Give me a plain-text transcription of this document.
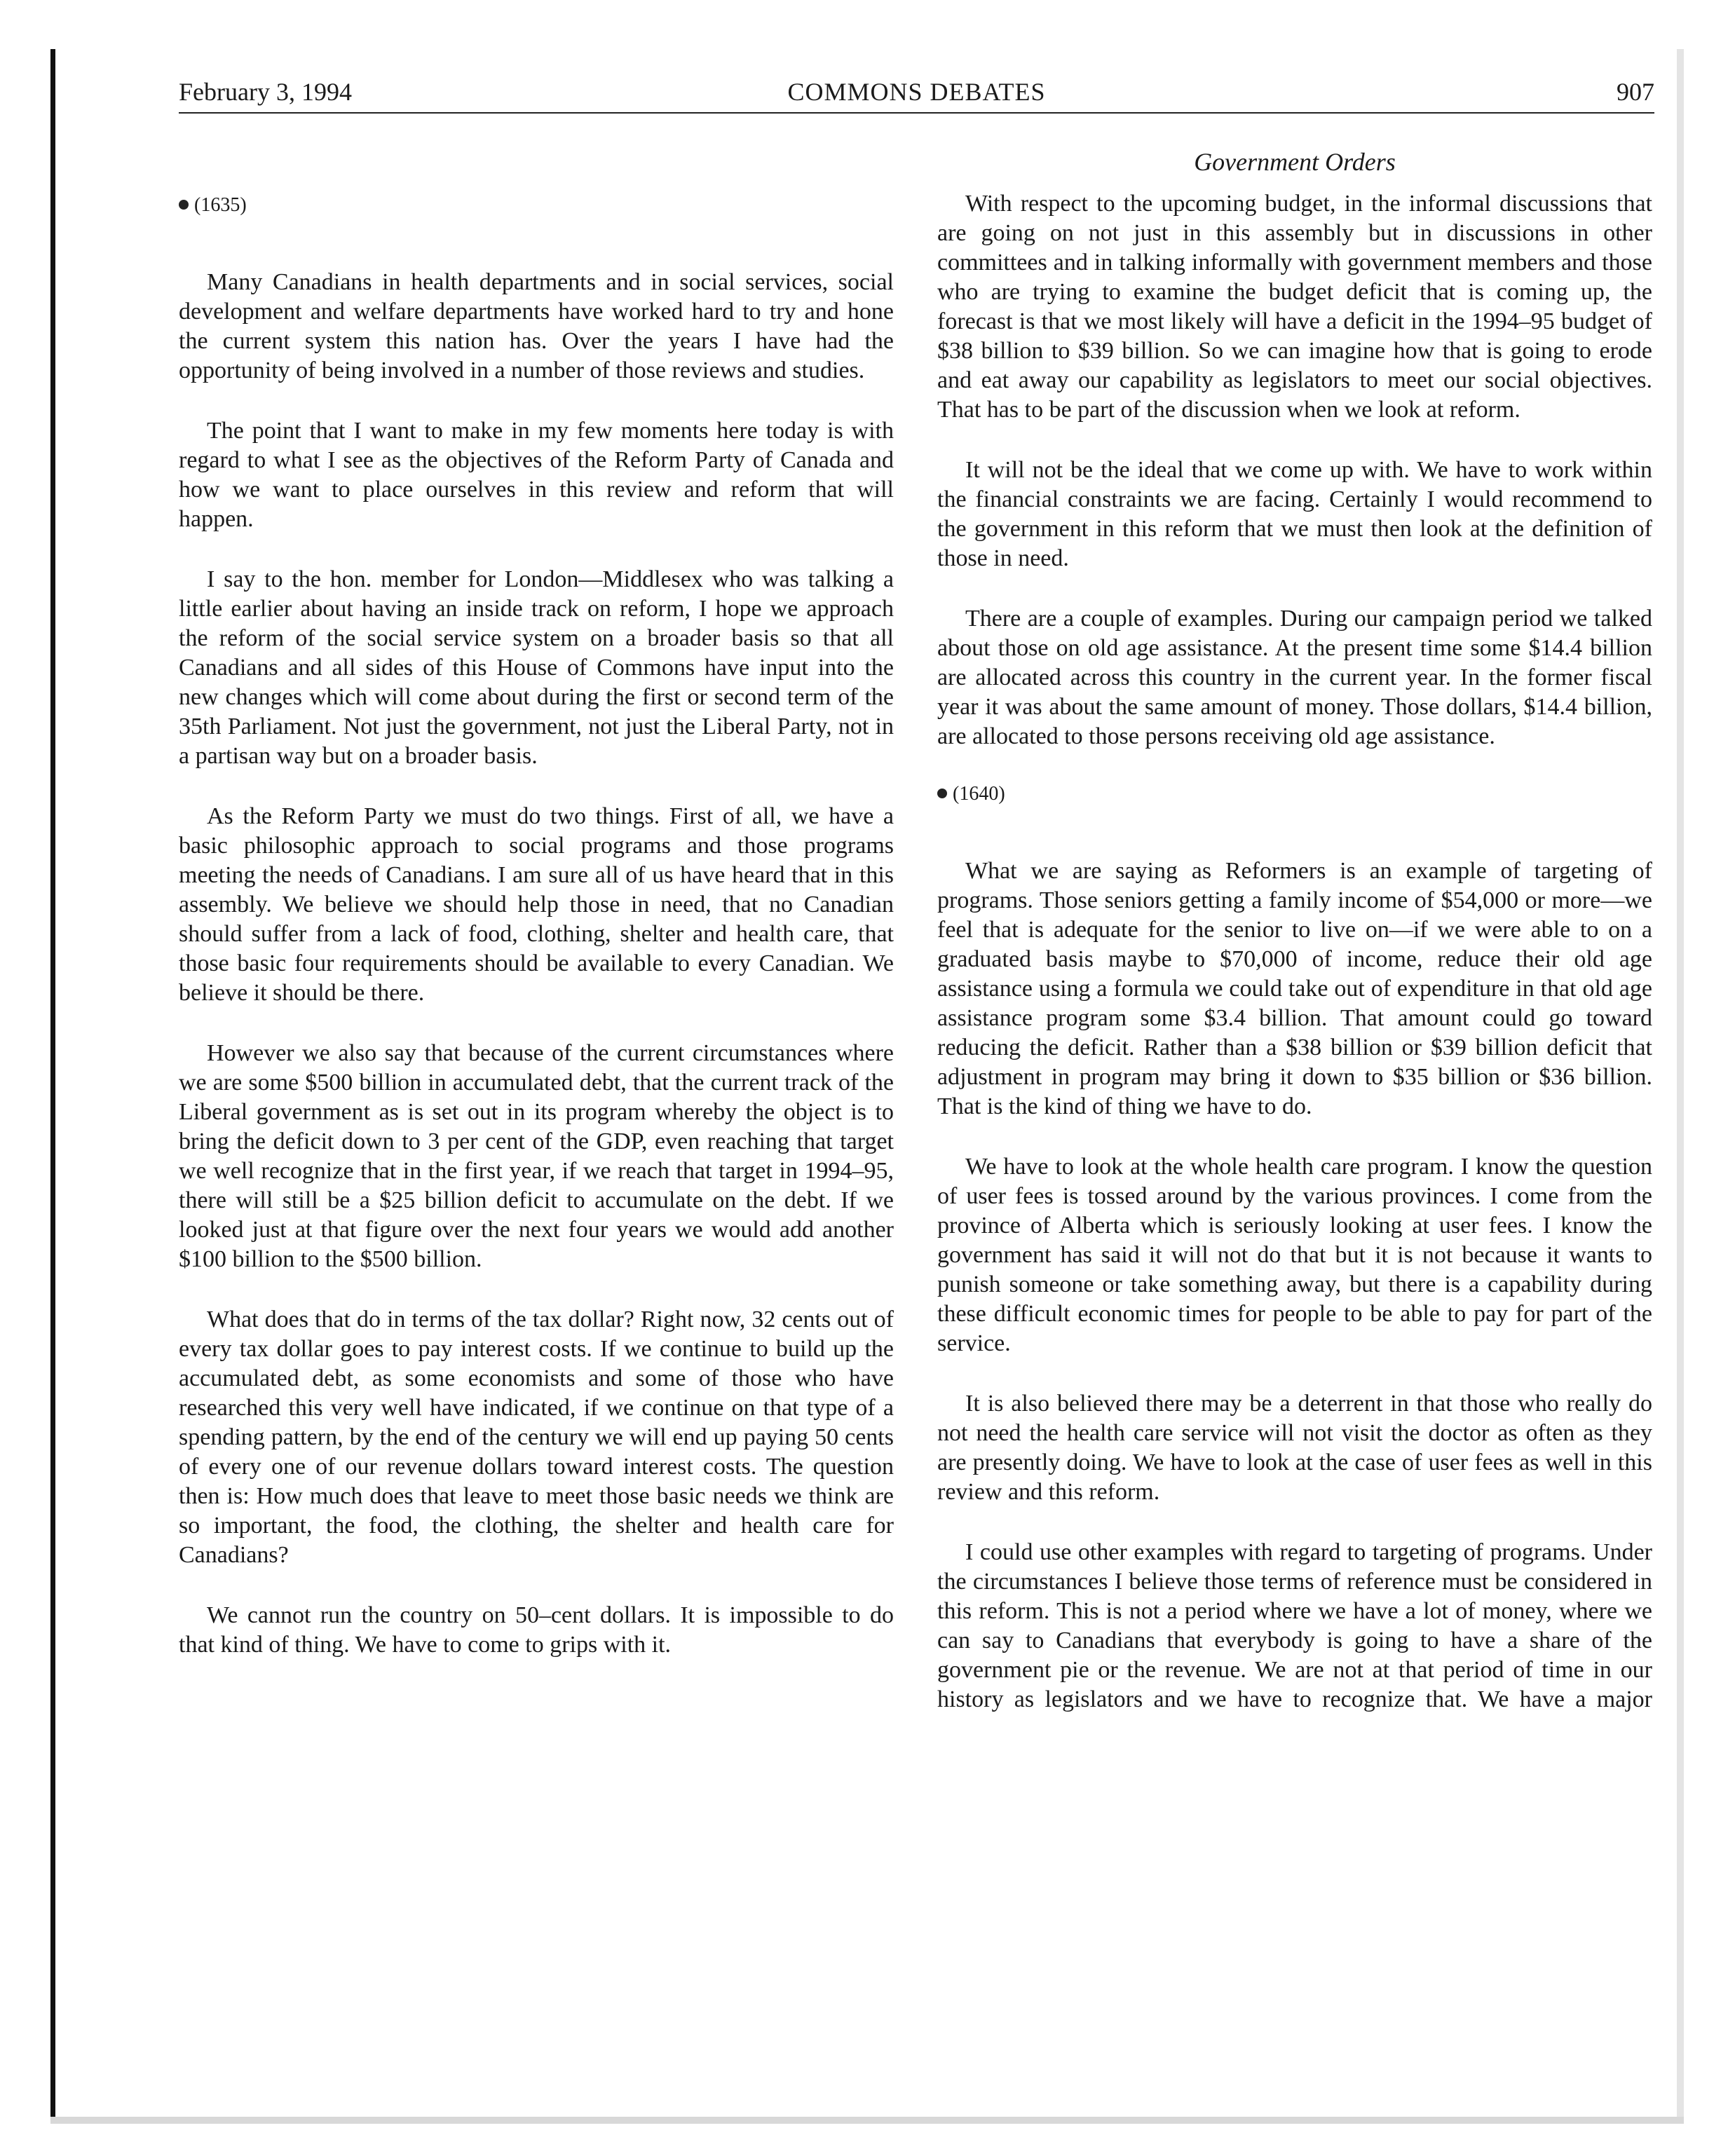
February 3, 1994	COMMONS DEBATES	907
(1635)

Many Canadians in health departments and in social services, social development and welfare departments have worked hard to try and hone the current system this nation has. Over the years I have had the opportunity of being involved in a number of those reviews and studies.

The point that I want to make in my few moments here today is with regard to what I see as the objectives of the Reform Party of Canada and how we want to place ourselves in this review and reform that will happen.

I say to the hon. member for London—Middlesex who was talking a little earlier about having an inside track on reform, I hope we approach the reform of the social service system on a broader basis so that all Canadians and all sides of this House of Commons have input into the new changes which will come about during the first or second term of the 35th Parliament. Not just the government, not just the Liberal Party, not in a partisan way but on a broader basis.

As the Reform Party we must do two things. First of all, we have a basic philosophic approach to social programs and those programs meeting the needs of Canadians. I am sure all of us have heard that in this assembly. We believe we should help those in need, that no Canadian should suffer from a lack of food, clothing, shelter and health care, that those basic four requirements should be available to every Canadian. We believe it should be there.

However we also say that because of the current circumstances where we are some $500 billion in accumulated debt, that the current track of the Liberal government as is set out in its program whereby the object is to bring the deficit down to 3 per cent of the GDP, even reaching that target we well recognize that in the first year, if we reach that target in 1994–95, there will still be a $25 billion deficit to accumulate on the debt. If we looked just at that figure over the next four years we would add another $100 billion to the $500 billion.

What does that do in terms of the tax dollar? Right now, 32 cents out of every tax dollar goes to pay interest costs. If we continue to build up the accumulated debt, as some economists and some of those who have researched this very well have indicated, if we continue on that type of a spending pattern, by the end of the century we will end up paying 50 cents of every one of our revenue dollars toward interest costs. The question then is: How much does that leave to meet those basic needs we think are so important, the food, the clothing, the shelter and health care for Canadians?

We cannot run the country on 50–cent dollars. It is impossible to do that kind of thing. We have to come to grips with it.

Government Orders

With respect to the upcoming budget, in the informal discussions that are going on not just in this assembly but in discussions in other committees and in talking informally with government members and those who are trying to examine the budget deficit that is coming up, the forecast is that we most likely will have a deficit in the 1994–95 budget of $38 billion to $39 billion. So we can imagine how that is going to erode and eat away our capability as legislators to meet our social objectives. That has to be part of the discussion when we look at reform.

It will not be the ideal that we come up with. We have to work within the financial constraints we are facing. Certainly I would recommend to the government in this reform that we must then look at the definition of those in need.

There are a couple of examples. During our campaign period we talked about those on old age assistance. At the present time some $14.4 billion are allocated across this country in the current year. In the former fiscal year it was about the same amount of money. Those dollars, $14.4 billion, are allocated to those persons receiving old age assistance.

(1640)

What we are saying as Reformers is an example of targeting of programs. Those seniors getting a family income of $54,000 or more—we feel that is adequate for the senior to live on—if we were able to on a graduated basis maybe to $70,000 of income, reduce their old age assistance using a formula we could take out of expenditure in that old age assistance program some $3.4 billion. That amount could go toward reducing the deficit. Rather than a $38 billion or $39 billion deficit that adjustment in program may bring it down to $35 billion or $36 billion. That is the kind of thing we have to do.

We have to look at the whole health care program. I know the question of user fees is tossed around by the various provinces. I come from the province of Alberta which is seriously looking at user fees. I know the government has said it will not do that but it is not because it wants to punish someone or take something away, but there is a capability during these difficult economic times for people to be able to pay for part of the service.

It is also believed there may be a deterrent in that those who really do not need the health care service will not visit the doctor as often as they are presently doing. We have to look at the case of user fees as well in this review and this reform.

I could use other examples with regard to targeting of programs. Under the circumstances I believe those terms of reference must be considered in this reform. This is not a period where we have a lot of money, where we can say to Canadians that everybody is going to have a share of the government pie or the revenue. We are not at that period of time in our history as legislators and we have to recognize that. We have a major
